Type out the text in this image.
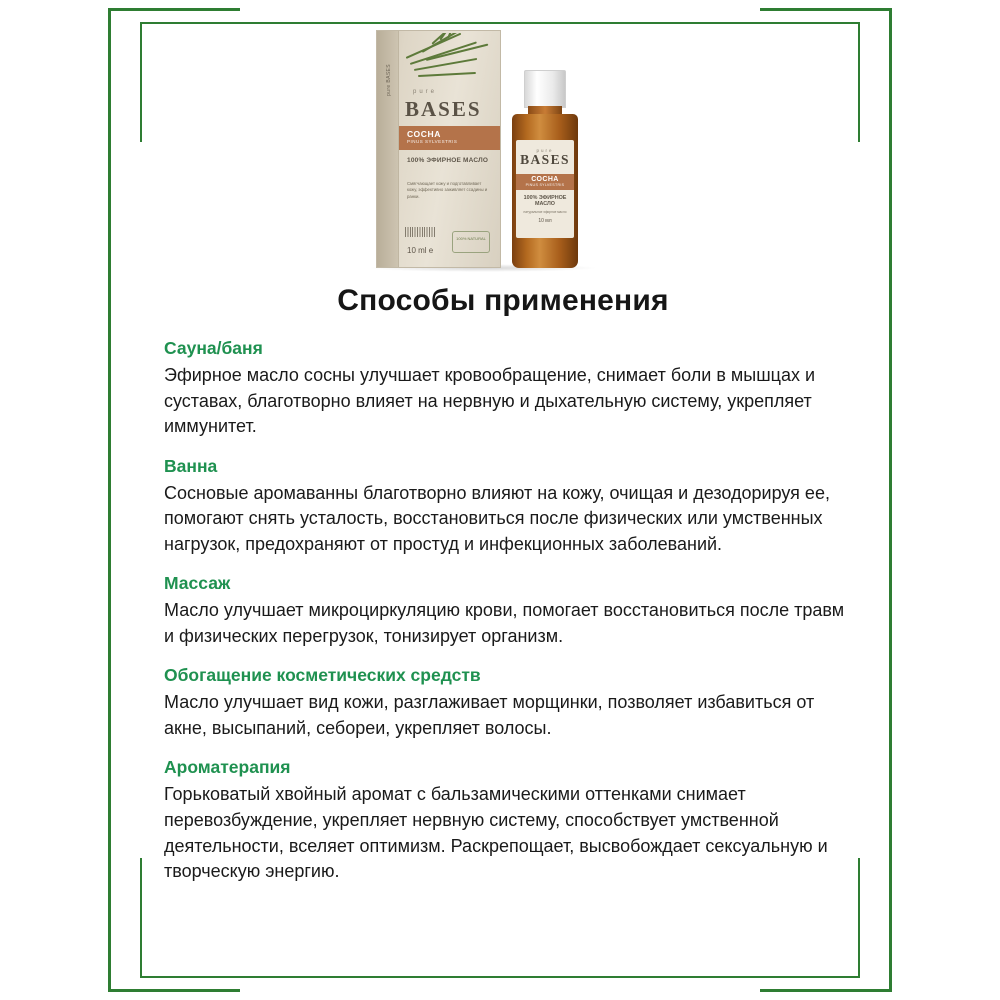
pure BASES	pure
BASES
СОСНА
PINUS SYLVESTRIS
100% ЭФИРНОЕ МАСЛО
Смягчающает кожу и подготавливает кожу, эффективно заживляет ссадины и ранки.
10 ml e
100% NATURAL
pure
BASES
СОСНА
PINUS SYLVESTRIS
100% ЭФИРНОЕ МАСЛО
натуральное эфирное масло
10 мл
Способы применения
Сауна/баня

Эфирное масло сосны улучшает кровообращение, снимает боли в мышцах и суставах, благотворно влияет на нервную и дыхательную систему, укрепляет иммунитет.

Ванна

Сосновые аромаванны благотворно влияют на кожу, очищая и дезодорируя ее, помогают снять усталость, восстановиться после физических или умственных нагрузок, предохраняют от простуд и инфекционных заболеваний.

Массаж

Масло улучшает микроциркуляцию крови, помогает восстановиться после травм и физических перегрузок, тонизирует организм.

Обогащение косметических средств

Масло улучшает вид кожи, разглаживает морщинки, позволяет избавиться от акне, высыпаний, себореи, укрепляет волосы.

Ароматерапия

Горьковатый хвойный аромат с бальзамическими оттенками снимает перевозбуждение, укрепляет нервную систему, способствует умственной деятельности, вселяет оптимизм. Раскрепощает, высвобождает сексуальную и творческую энергию.
